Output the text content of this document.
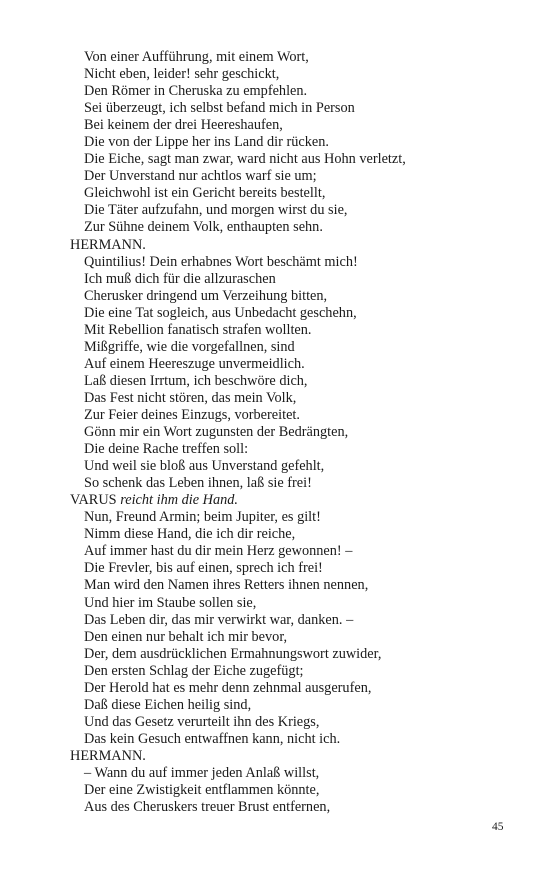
Von einer Aufführung, mit einem Wort,
Nicht eben, leider! sehr geschickt,
Den Römer in Cheruska zu empfehlen.
Sei überzeugt, ich selbst befand mich in Person
Bei keinem der drei Heereshaufen,
Die von der Lippe her ins Land dir rücken.
Die Eiche, sagt man zwar, ward nicht aus Hohn verletzt,
Der Unverstand nur achtlos warf sie um;
Gleichwohl ist ein Gericht bereits bestellt,
Die Täter aufzufahn, und morgen wirst du sie,
Zur Sühne deinem Volk, enthaupten sehn.
HERMANN.
Quintilius! Dein erhabnes Wort beschämt mich!
Ich muß dich für die allzuraschen
Cherusker dringend um Verzeihung bitten,
Die eine Tat sogleich, aus Unbedacht geschehn,
Mit Rebellion fanatisch strafen wollten.
Mißgriffe, wie die vorgefallnen, sind
Auf einem Heereszuge unvermeidlich.
Laß diesen Irrtum, ich beschwöre dich,
Das Fest nicht stören, das mein Volk,
Zur Feier deines Einzugs, vorbereitet.
Gönn mir ein Wort zugunsten der Bedrängten,
Die deine Rache treffen soll:
Und weil sie bloß aus Unverstand gefehlt,
So schenk das Leben ihnen, laß sie frei!
VARUS reicht ihm die Hand.
Nun, Freund Armin; beim Jupiter, es gilt!
Nimm diese Hand, die ich dir reiche,
Auf immer hast du dir mein Herz gewonnen! –
Die Frevler, bis auf einen, sprech ich frei!
Man wird den Namen ihres Retters ihnen nennen,
Und hier im Staube sollen sie,
Das Leben dir, das mir verwirkt war, danken. –
Den einen nur behalt ich mir bevor,
Der, dem ausdrücklichen Ermahnungswort zuwider,
Den ersten Schlag der Eiche zugefügt;
Der Herold hat es mehr denn zehnmal ausgerufen,
Daß diese Eichen heilig sind,
Und das Gesetz verurteilt ihn des Kriegs,
Das kein Gesuch entwaffnen kann, nicht ich.
HERMANN.
– Wann du auf immer jeden Anlaß willst,
Der eine Zwistigkeit entflammen könnte,
Aus des Cheruskers treuer Brust entfernen,
45
